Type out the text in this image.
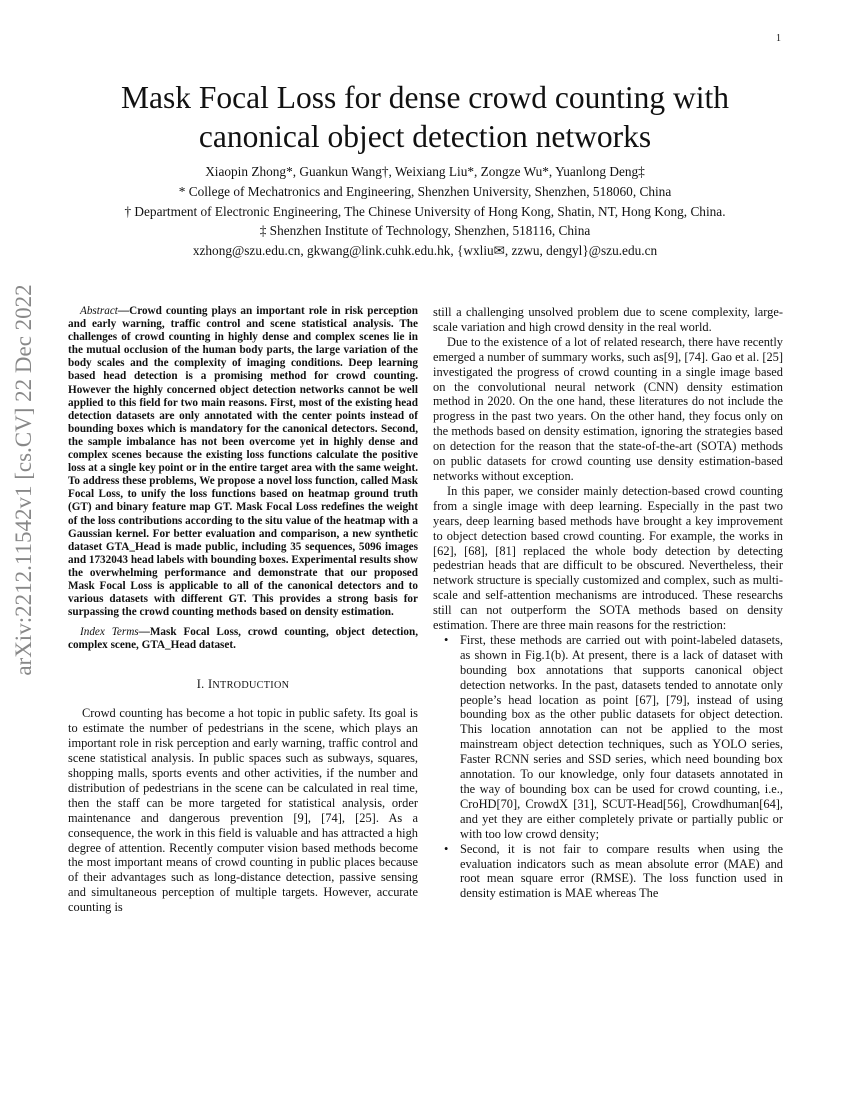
1
arXiv:2212.11542v1 [cs.CV] 22 Dec 2022
Mask Focal Loss for dense crowd counting with canonical object detection networks
Xiaopin Zhong*, Guankun Wang†, Weixiang Liu*, Zongze Wu*, Yuanlong Deng‡
* College of Mechatronics and Engineering, Shenzhen University, Shenzhen, 518060, China
† Department of Electronic Engineering, The Chinese University of Hong Kong, Shatin, NT, Hong Kong, China.
‡ Shenzhen Institute of Technology, Shenzhen, 518116, China
xzhong@szu.edu.cn, gkwang@link.cuhk.edu.hk, {wxliu✉, zzwu, dengyl}@szu.edu.cn

Abstract—Crowd counting plays an important role in risk perception and early warning, traffic control and scene statistical analysis. The challenges of crowd counting in highly dense and complex scenes lie in the mutual occlusion of the human body parts, the large variation of the body scales and the complexity of imaging conditions. Deep learning based head detection is a promising method for crowd counting. However the highly concerned object detection networks cannot be well applied to this field for two main reasons. First, most of the existing head detection datasets are only annotated with the center points instead of bounding boxes which is mandatory for the canonical detectors. Second, the sample imbalance has not been overcome yet in highly dense and complex scenes because the existing loss functions calculate the positive loss at a single key point or in the entire target area with the same weight. To address these problems, We propose a novel loss function, called Mask Focal Loss, to unify the loss functions based on heatmap ground truth (GT) and binary feature map GT. Mask Focal Loss redefines the weight of the loss contributions according to the situ value of the heatmap with a Gaussian kernel. For better evaluation and comparison, a new synthetic dataset GTA_Head is made public, including 35 sequences, 5096 images and 1732043 head labels with bounding boxes. Experimental results show the overwhelming performance and demonstrate that our proposed Mask Focal Loss is applicable to all of the canonical detectors and to various datasets with different GT. This provides a strong basis for surpassing the crowd counting methods based on density estimation.

Index Terms—Mask Focal Loss, crowd counting, object detection, complex scene, GTA_Head dataset.

I. INTRODUCTION

Crowd counting has become a hot topic in public safety. Its goal is to estimate the number of pedestrians in the scene, which plays an important role in risk perception and early warning, traffic control and scene statistical analysis. In public spaces such as subways, squares, shopping malls, sports events and other activities, if the number and distribution of pedestrians in the scene can be calculated in real time, then the staff can be more targeted for statistical analysis, order maintenance and dangerous prevention [9], [74], [25]. As a consequence, the work in this field is valuable and has attracted a high degree of attention. Recently computer vision based methods become the most important means of crowd counting in public places because of their advantages such as long-distance detection, passive sensing and simultaneous perception of multiple targets. However, accurate counting is

still a challenging unsolved problem due to scene complexity, large-scale variation and high crowd density in the real world.

Due to the existence of a lot of related research, there have recently emerged a number of summary works, such as[9], [74]. Gao et al. [25] investigated the progress of crowd counting in a single image based on the convolutional neural network (CNN) density estimation method in 2020. On the one hand, these literatures do not include the progress in the past two years. On the other hand, they focus only on the methods based on density estimation, ignoring the strategies based on detection for the reason that the state-of-the-art (SOTA) methods on public datasets for crowd counting use density estimation-based networks without exception.

In this paper, we consider mainly detection-based crowd counting from a single image with deep learning. Especially in the past two years, deep learning based methods have brought a key improvement to object detection based crowd counting. For example, the works in [62], [68], [81] replaced the whole body detection by detecting pedestrian heads that are difficult to be obscured. Nevertheless, their network structure is specially customized and complex, such as multi-scale and self-attention mechanisms are introduced. These researchs still can not outperform the SOTA methods based on density estimation. There are three main reasons for the restriction:

• First, these methods are carried out with point-labeled datasets, as shown in Fig.1(b). At present, there is a lack of dataset with bounding box annotations that supports canonical object detection networks. In the past, datasets tended to annotate only people’s head location as point [67], [79], instead of using bounding box as the other public datasets for object detection. This location annotation can not be applied to the most mainstream object detection techniques, such as YOLO series, Faster RCNN series and SSD series, which need bounding box annotation. To our knowledge, only four datasets annotated in the way of bounding box can be used for crowd counting, i.e., CroHD[70], CrowdX [31], SCUT-Head[56], Crowdhuman[64], and yet they are either completely private or partially public or with too low crowd density;
• Second, it is not fair to compare results when using the evaluation indicators such as mean absolute error (MAE) and root mean square error (RMSE). The loss function used in density estimation is MAE whereas The
